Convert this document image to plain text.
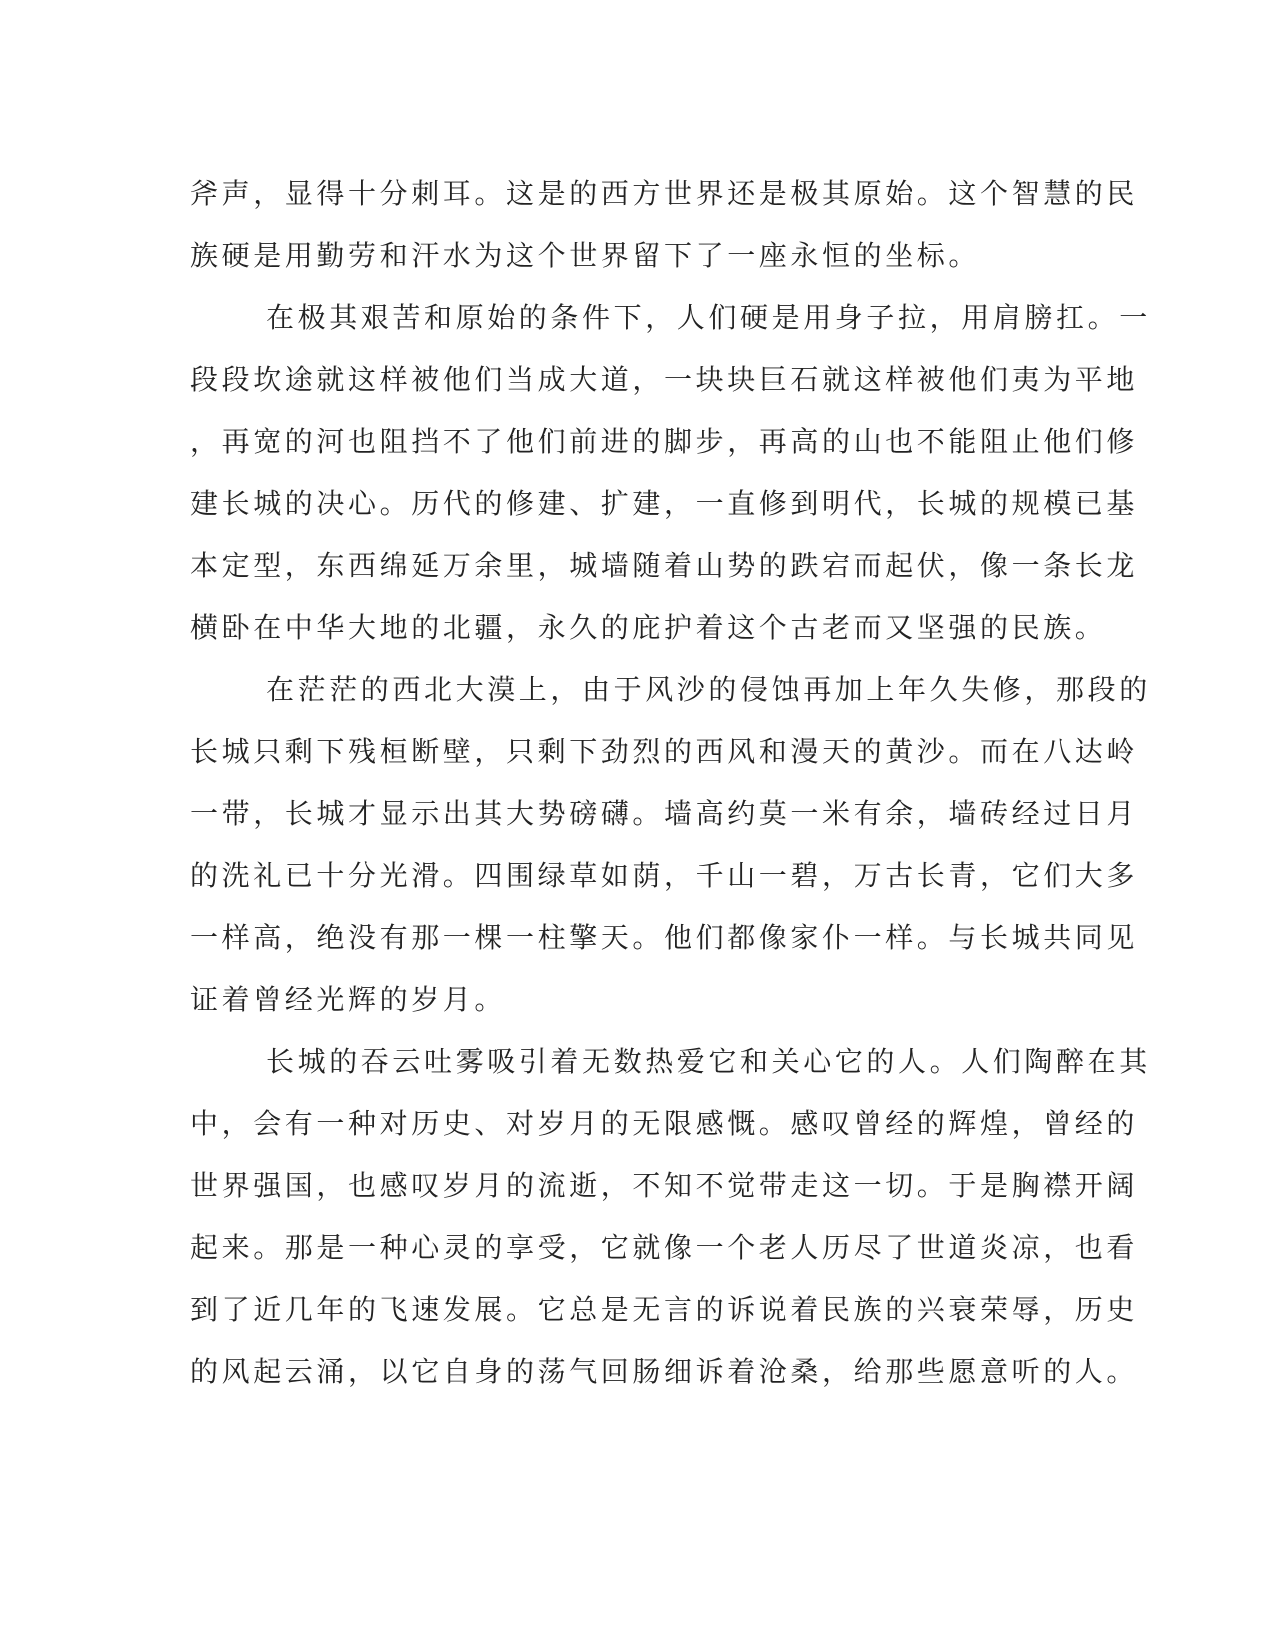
斧声，显得十分刺耳。这是的西方世界还是极其原始。这个智慧的民
族硬是用勤劳和汗水为这个世界留下了一座永恒的坐标。
在极其艰苦和原始的条件下，人们硬是用身子拉，用肩膀扛。一
段段坎途就这样被他们当成大道，一块块巨石就这样被他们夷为平地
，再宽的河也阻挡不了他们前进的脚步，再高的山也不能阻止他们修
建长城的决心。历代的修建、扩建，一直修到明代，长城的规模已基
本定型，东西绵延万余里，城墙随着山势的跌宕而起伏，像一条长龙
横卧在中华大地的北疆，永久的庇护着这个古老而又坚强的民族。
在茫茫的西北大漠上，由于风沙的侵蚀再加上年久失修，那段的
长城只剩下残桓断壁，只剩下劲烈的西风和漫天的黄沙。而在八达岭
一带，长城才显示出其大势磅礴。墙高约莫一米有余，墙砖经过日月
的洗礼已十分光滑。四围绿草如荫，千山一碧，万古长青，它们大多
一样高，绝没有那一棵一柱擎天。他们都像家仆一样。与长城共同见
证着曾经光辉的岁月。
长城的吞云吐雾吸引着无数热爱它和关心它的人。人们陶醉在其
中，会有一种对历史、对岁月的无限感慨。感叹曾经的辉煌，曾经的
世界强国，也感叹岁月的流逝，不知不觉带走这一切。于是胸襟开阔
起来。那是一种心灵的享受，它就像一个老人历尽了世道炎凉，也看
到了近几年的飞速发展。它总是无言的诉说着民族的兴衰荣辱，历史
的风起云涌，以它自身的荡气回肠细诉着沧桑，给那些愿意听的人。
